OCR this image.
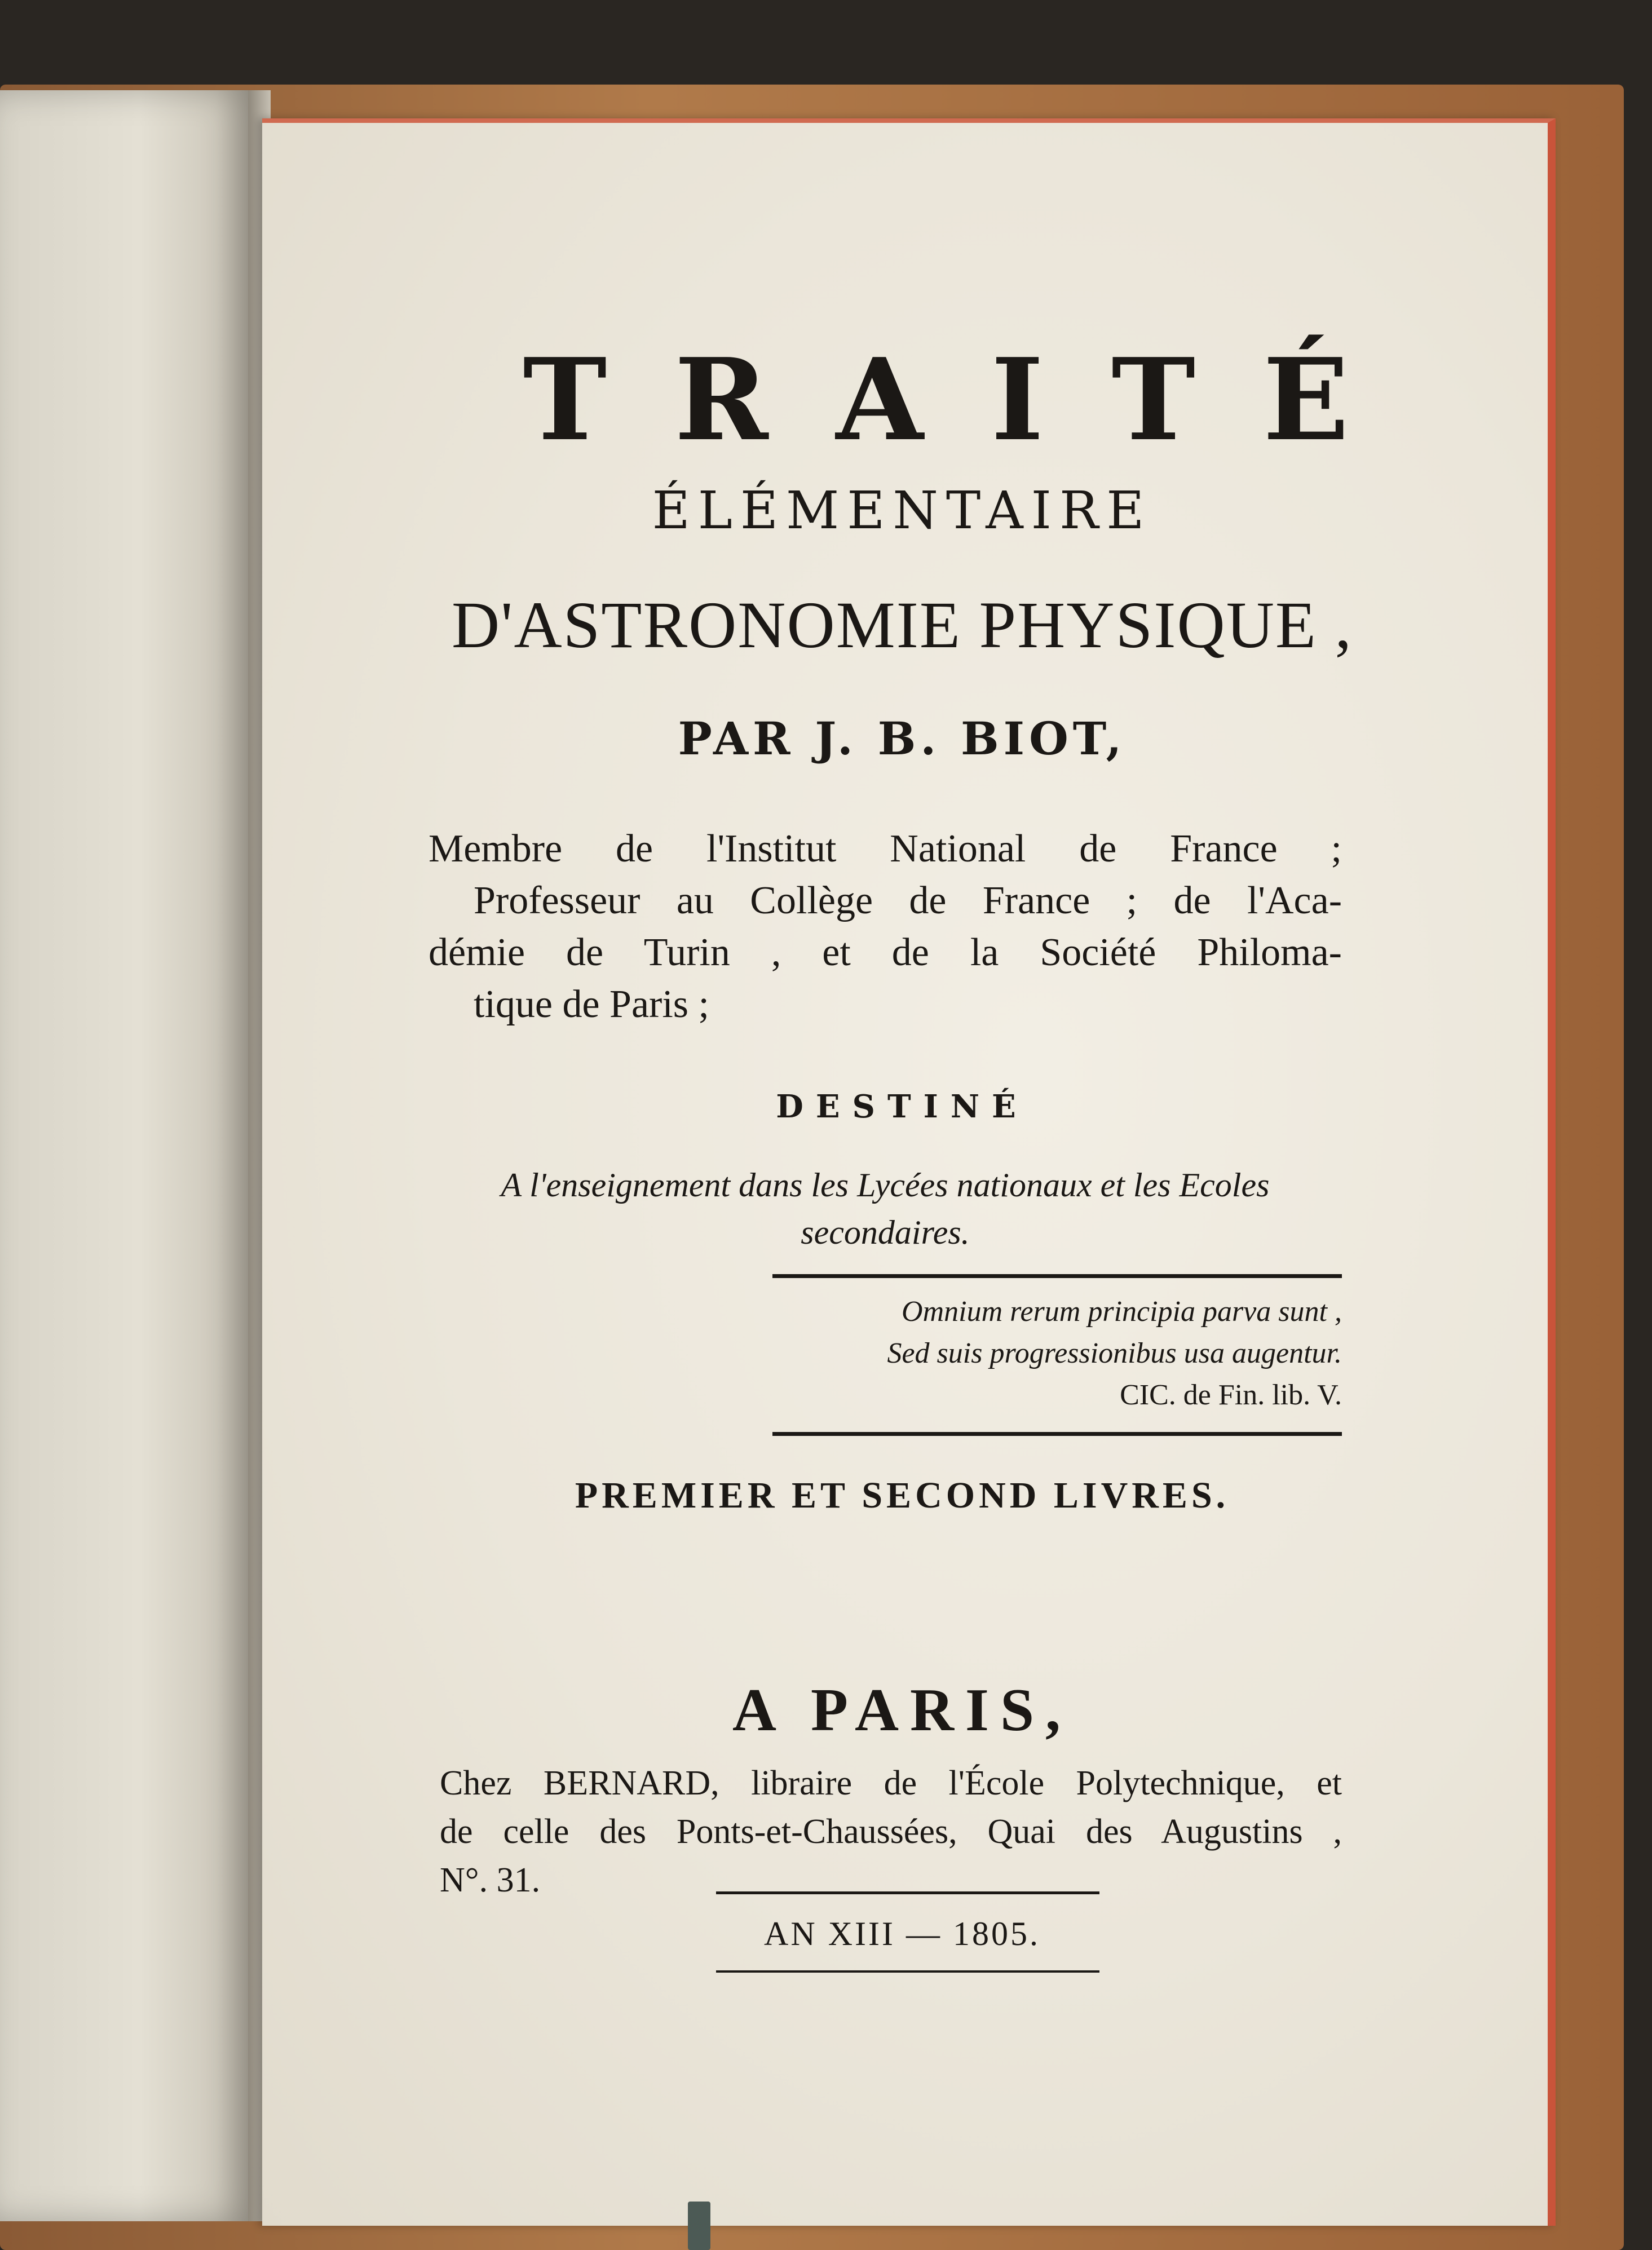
TRAITÉ
ÉLÉMENTAIRE
D'ASTRONOMIE PHYSIQUE ,
PAR J. B. BIOT,
Membre de l'Institut National de France ;
Professeur au Collège de France ; de l'Aca-
démie de Turin , et de la Société Philoma-
tique de Paris ;
DESTINÉ
A l'enseignement dans les Lycées nationaux et les Ecoles
secondaires.
Omnium rerum principia parva sunt ,
Sed suis progressionibus usa augentur.
CIC. de Fin. lib. V.
PREMIER ET SECOND LIVRES.
A PARIS,
Chez BERNARD, libraire de l'École Polytechnique, et
de celle des Ponts-et-Chaussées, Quai des Augustins ,
N°. 31.
AN XIII — 1805.
